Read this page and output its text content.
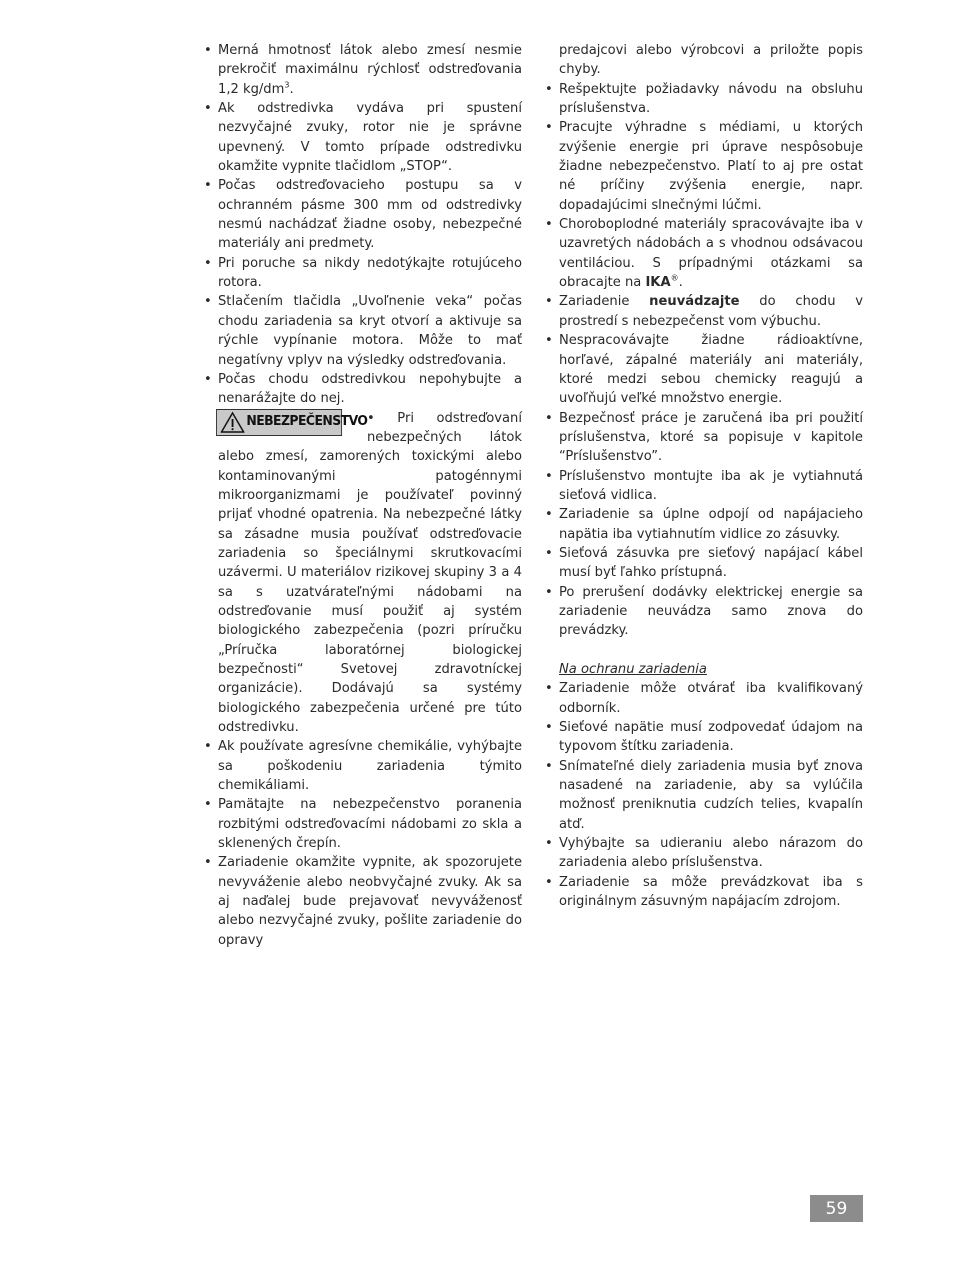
• Merná hmotnosť látok alebo zmesí nesmie prekročiť maximálnu rýchlosť odstreďovania 1,2 $kg/dm^3$.

• Ak odstredivka vydáva pri spustení nezvyčajné zvuky, rotor nie je správne upevnený. V tomto prípade odstredivku okamžite vypnite tlačidlom „STOP“.

• Počas odstreďovacieho postupu sa v ochranném pásme 300 mm od odstredivky nesmú nachádzať žiadne osoby, nebezpečné materiály ani predmety.

• Pri poruche sa nikdy nedotýkajte rotujúceho rotora.

• Stlačením tlačidla „Uvoľnenie veka“ počas chodu zariadenia sa kryt otvorí a aktivuje sa rýchle vypínanie motora. Môže to mať negatívny vplyv na výsledky odstreďovania.

• Počas chodu odstredivkou nepohybujte a nenarážajte do nej.

NEBEZPEČENSTVO • Pri odstreďovaní nebezpečných látok alebo zmesí, zamorených toxickými alebo kontaminovanými patogénnymi mikroorganizmami je používateľ povinný prijať vhodné opatrenia. Na nebezpečné látky sa zásadne musia používať odstreďovacie zariadenia so špeciálnymi skrutkovacími uzávermi. U materiálov rizikovej skupiny 3 a 4 sa s uzatvárateľnými nádobami na odstreďovanie musí použiť aj systém biologického zabezpečenia (pozri príručku „Príručka laboratórnej biologickej bezpečnosti“ Svetovej zdravotníckej organizácie). Dodávajú sa systémy biologického zabezpečenia určené pre túto odstredivku.

• Ak používate agresívne chemikálie, vyhýbajte sa poškodeniu zariadenia týmito chemikáliami.

• Pamätajte na nebezpečenstvo poranenia rozbitými odstreďovacími nádobami zo skla a sklenených črepín.

• Zariadenie okamžite vypnite, ak spozorujete nevyváženie alebo neobvyčajné zvuky. Ak sa aj naďalej bude prejavovať nevyváženosť alebo nezvyčajné zvuky, pošlite zariadenie do opravy

predajcovi alebo výrobcovi a priložte popis chyby.

• Rešpektujte požiadavky návodu na obsluhu príslušenstva.

• Pracujte výhradne s médiami, u ktorých zvýšenie energie pri úprave nespôsobuje žiadne nebezpečenstvo. Platí to aj pre ostat né príčiny zvýšenia energie, napr. dopadajúcimi slnečnými lúčmi.

• Choroboplodné materiály spracovávajte iba v uzavretých nádobách a s vhodnou odsávacou ventiláciou. S prípadnými otázkami sa obracajte na IKA®.

• Zariadenie neuvádzajte do chodu v prostredí s nebezpečenst vom výbuchu.

• Nespracovávajte žiadne rádioaktívne, horľavé, zápalné materiály ani materiály, ktoré medzi sebou chemicky reagujú a uvoľňujú veľké množstvo energie.

• Bezpečnosť práce je zaručená iba pri použití príslušenstva, ktoré sa popisuje v kapitole “Príslušenstvo”.

• Príslušenstvo montujte iba ak je vytiahnutá sieťová vidlica.

• Zariadenie sa úplne odpojí od napájacieho napätia iba vytiahnutím vidlice zo zásuvky.

• Sieťová zásuvka pre sieťový napájací kábel musí byť ľahko prístupná.

• Po prerušení dodávky elektrickej energie sa zariadenie neuvádza samo znova do prevádzky.

Na ochranu zariadenia

• Zariadenie môže otvárať iba kvalifikovaný odborník.

• Sieťové napätie musí zodpovedať údajom na typovom štítku zariadenia.

• Snímateľné diely zariadenia musia byť znova nasadené na zariadenie, aby sa vylúčila možnosť preniknutia cudzích telies, kvapalín atď.

• Vyhýbajte sa udieraniu alebo nárazom do zariadenia alebo príslušenstva.

• Zariadenie sa môže prevádzkovat iba s originálnym zásuvným napájacím zdrojom.

59
